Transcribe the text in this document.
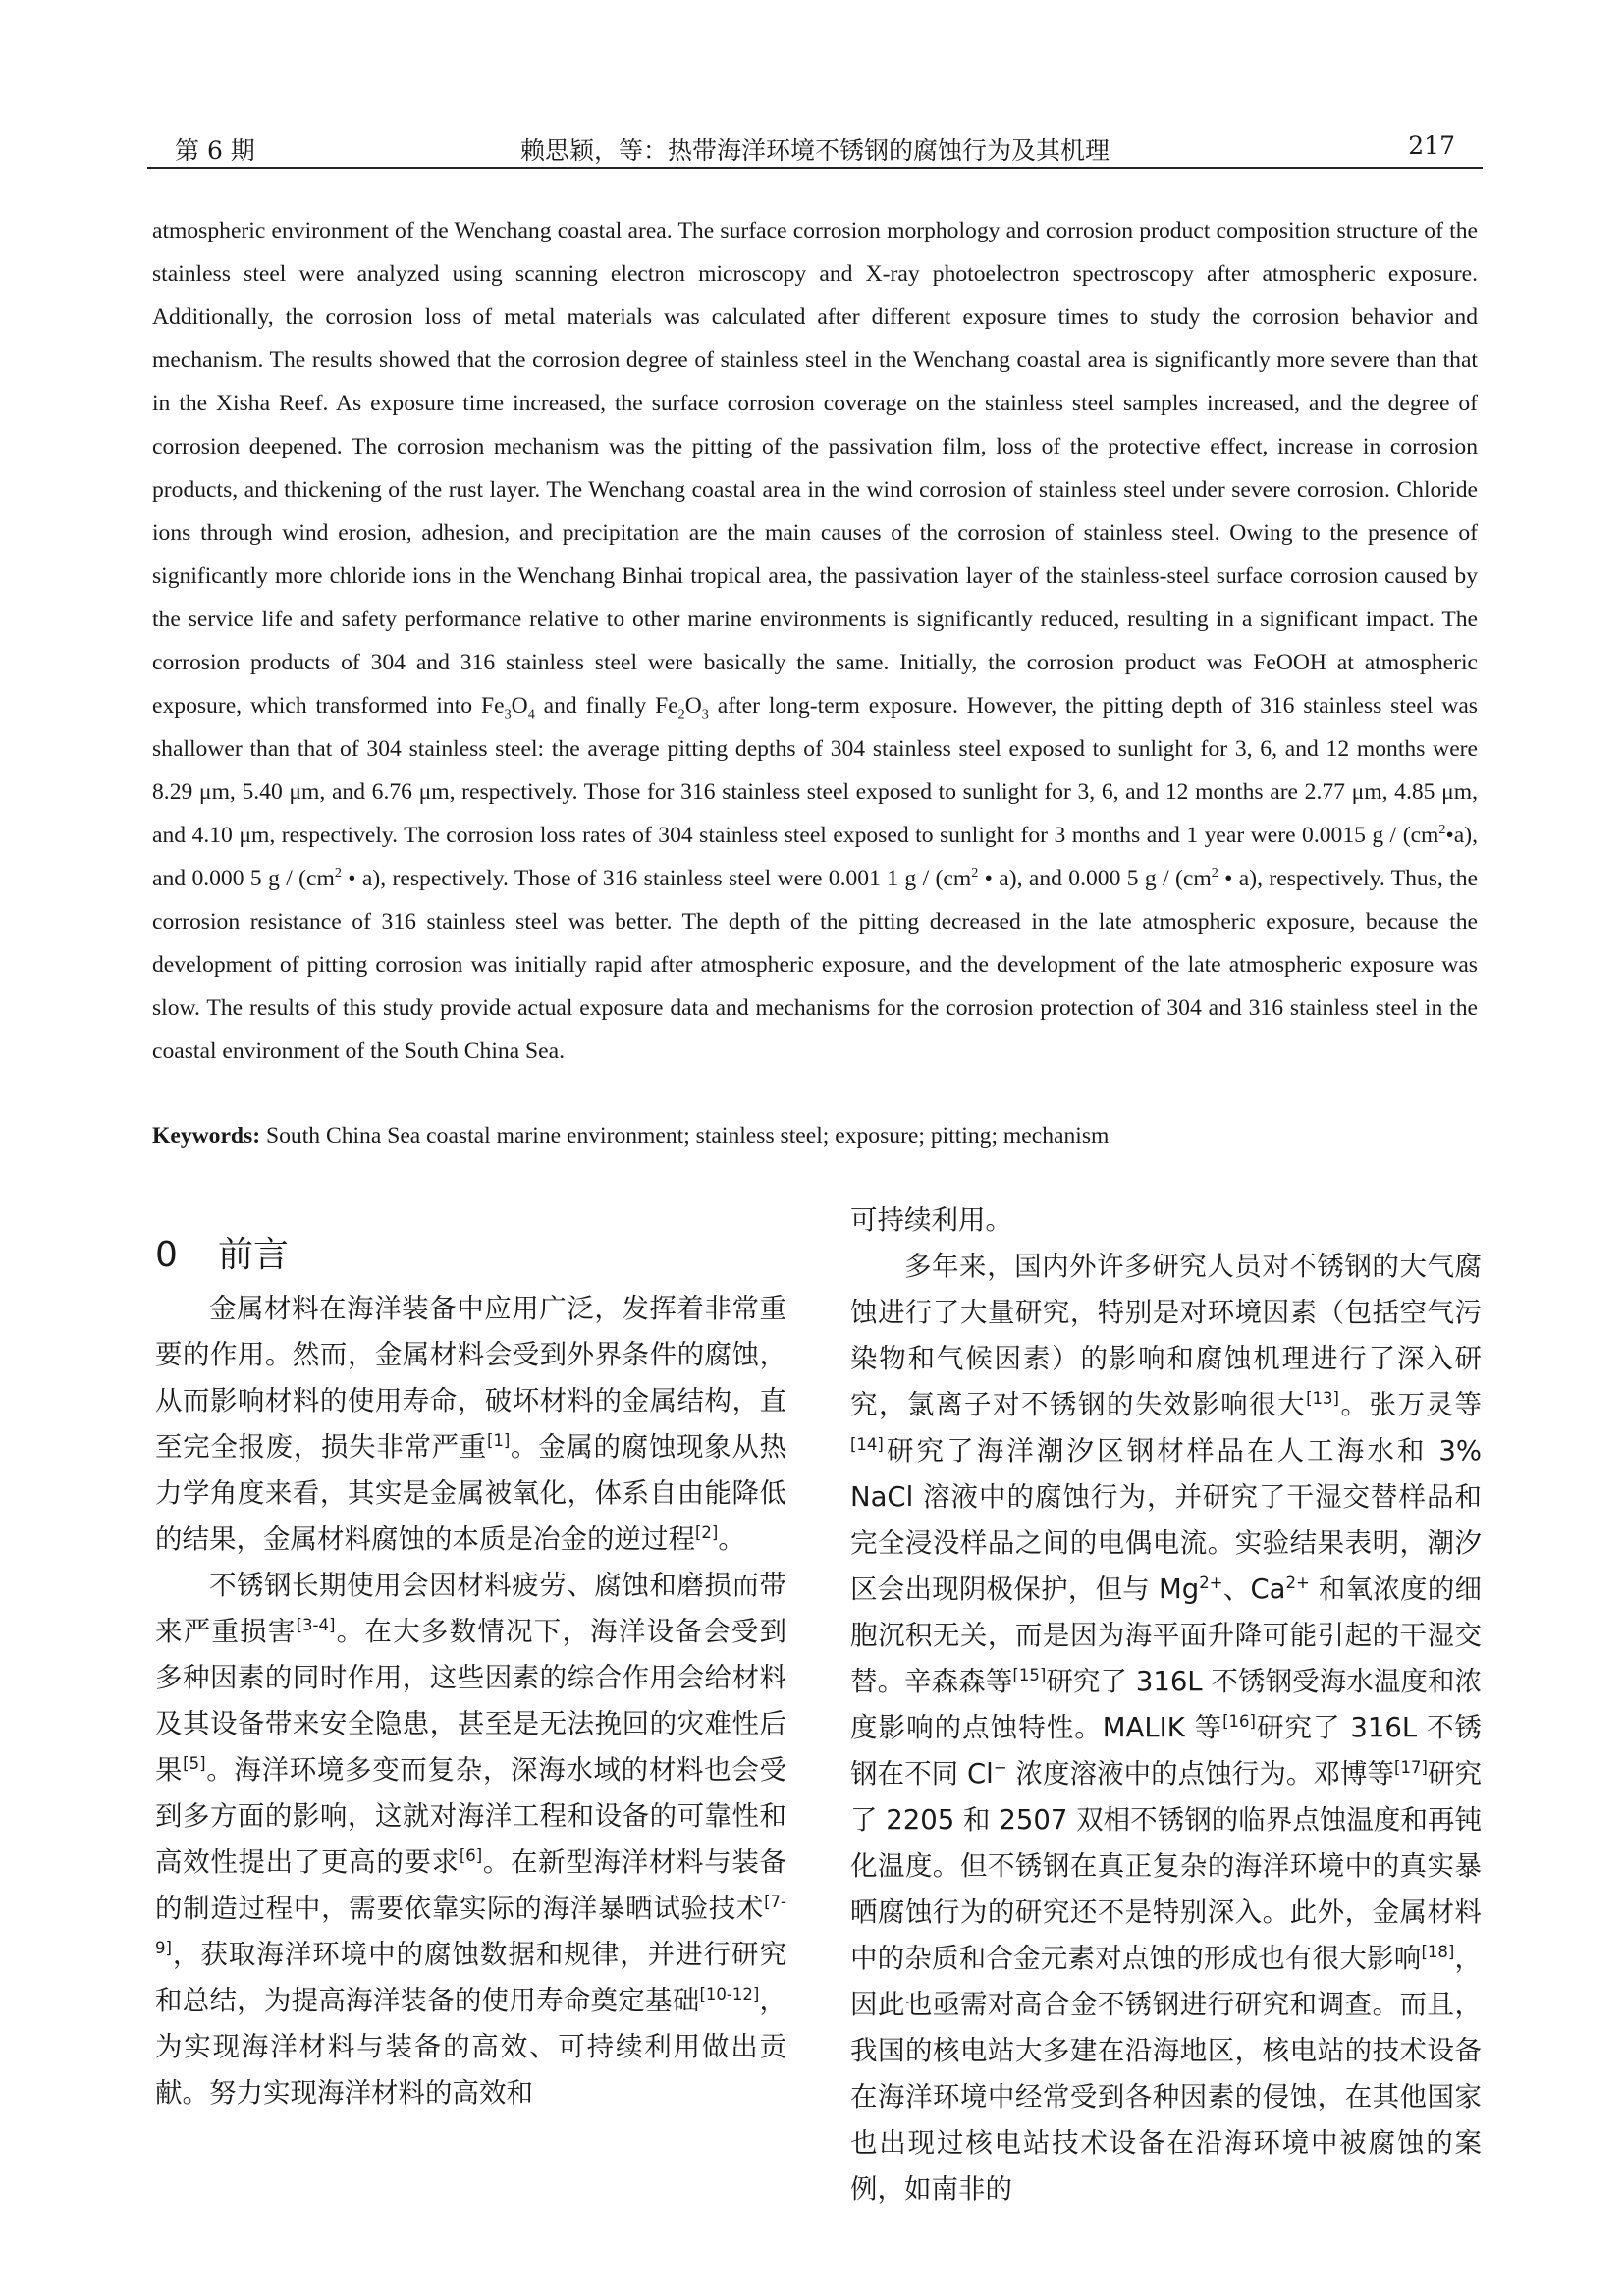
第 6 期	赖思颖，等：热带海洋环境不锈钢的腐蚀行为及其机理	217

atmospheric environment of the Wenchang coastal area. The surface corrosion morphology and corrosion product composition structure of the stainless steel were analyzed using scanning electron microscopy and X-ray photoelectron spectroscopy after atmospheric exposure. Additionally, the corrosion loss of metal materials was calculated after different exposure times to study the corrosion behavior and mechanism. The results showed that the corrosion degree of stainless steel in the Wenchang coastal area is significantly more severe than that in the Xisha Reef. As exposure time increased, the surface corrosion coverage on the stainless steel samples increased, and the degree of corrosion deepened. The corrosion mechanism was the pitting of the passivation film, loss of the protective effect, increase in corrosion products, and thickening of the rust layer. The Wenchang coastal area in the wind corrosion of stainless steel under severe corrosion. Chloride ions through wind erosion, adhesion, and precipitation are the main causes of the corrosion of stainless steel. Owing to the presence of significantly more chloride ions in the Wenchang Binhai tropical area, the passivation layer of the stainless-steel surface corrosion caused by the service life and safety performance relative to other marine environments is significantly reduced, resulting in a significant impact. The corrosion products of 304 and 316 stainless steel were basically the same. Initially, the corrosion product was FeOOH at atmospheric exposure, which transformed into $Fe_3O_4$ and finally $Fe_2O_3$ after long-term exposure. However, the pitting depth of 316 stainless steel was shallower than that of 304 stainless steel: the average pitting depths of 304 stainless steel exposed to sunlight for 3, 6, and 12 months were 8.29 μm, 5.40 μm, and 6.76 μm, respectively. Those for 316 stainless steel exposed to sunlight for 3, 6, and 12 months are 2.77 μm, 4.85 μm, and 4.10 μm, respectively. The corrosion loss rates of 304 stainless steel exposed to sunlight for 3 months and 1 year were 0.0015 g / $(cm^2•a)$, and 0.000 5 g / ($cm^2$ • a), respectively. Those of 316 stainless steel were 0.001 1 g / ($cm^2$ • a), and 0.000 5 g / ($cm^2$ • a), respectively. Thus, the corrosion resistance of 316 stainless steel was better. The depth of the pitting decreased in the late atmospheric exposure, because the development of pitting corrosion was initially rapid after atmospheric exposure, and the development of the late atmospheric exposure was slow. The results of this study provide actual exposure data and mechanisms for the corrosion protection of 304 and 316 stainless steel in the coastal environment of the South China Sea.

Keywords: South China Sea coastal marine environment; stainless steel; exposure; pitting; mechanism
0 前言

金属材料在海洋装备中应用广泛，发挥着非常重要的作用。然而，金属材料会受到外界条件的腐蚀，从而影响材料的使用寿命，破坏材料的金属结构，直至完全报废，损失非常严重[1]。金属的腐蚀现象从热力学角度来看，其实是金属被氧化，体系自由能降低的结果，金属材料腐蚀的本质是冶金的逆过程[2]。

不锈钢长期使用会因材料疲劳、腐蚀和磨损而带来严重损害[3-4]。在大多数情况下，海洋设备会受到多种因素的同时作用，这些因素的综合作用会给材料及其设备带来安全隐患，甚至是无法挽回的灾难性后果[5]。海洋环境多变而复杂，深海水域的材料也会受到多方面的影响，这就对海洋工程和设备的可靠性和高效性提出了更高的要求[6]。在新型海洋材料与装备的制造过程中，需要依靠实际的海洋暴晒试验技术[7-9]，获取海洋环境中的腐蚀数据和规律，并进行研究和总结，为提高海洋装备的使用寿命奠定基础[10-12]，为实现海洋材料与装备的高效、可持续利用做出贡献。努力实现海洋材料的高效和

可持续利用。

多年来，国内外许多研究人员对不锈钢的大气腐蚀进行了大量研究，特别是对环境因素（包括空气污染物和气候因素）的影响和腐蚀机理进行了深入研究，氯离子对不锈钢的失效影响很大[13]。张万灵等[14]研究了海洋潮汐区钢材样品在人工海水和 3% NaCl 溶液中的腐蚀行为，并研究了干湿交替样品和完全浸没样品之间的电偶电流。实验结果表明，潮汐区会出现阴极保护，但与 $Mg^{2+}$、$Ca^{2+}$ 和氧浓度的细胞沉积无关，而是因为海平面升降可能引起的干湿交替。辛森森等[15]研究了 316L 不锈钢受海水温度和浓度影响的点蚀特性。MALIK 等[16]研究了 316L 不锈钢在不同 Cl− 浓度溶液中的点蚀行为。邓博等[17]研究了 2205 和 2507 双相不锈钢的临界点蚀温度和再钝化温度。但不锈钢在真正复杂的海洋环境中的真实暴晒腐蚀行为的研究还不是特别深入。此外，金属材料中的杂质和合金元素对点蚀的形成也有很大影响[18]，因此也亟需对高合金不锈钢进行研究和调查。而且，我国的核电站大多建在沿海地区，核电站的技术设备在海洋环境中经常受到各种因素的侵蚀，在其他国家也出现过核电站技术设备在沿海环境中被腐蚀的案例，如南非的
